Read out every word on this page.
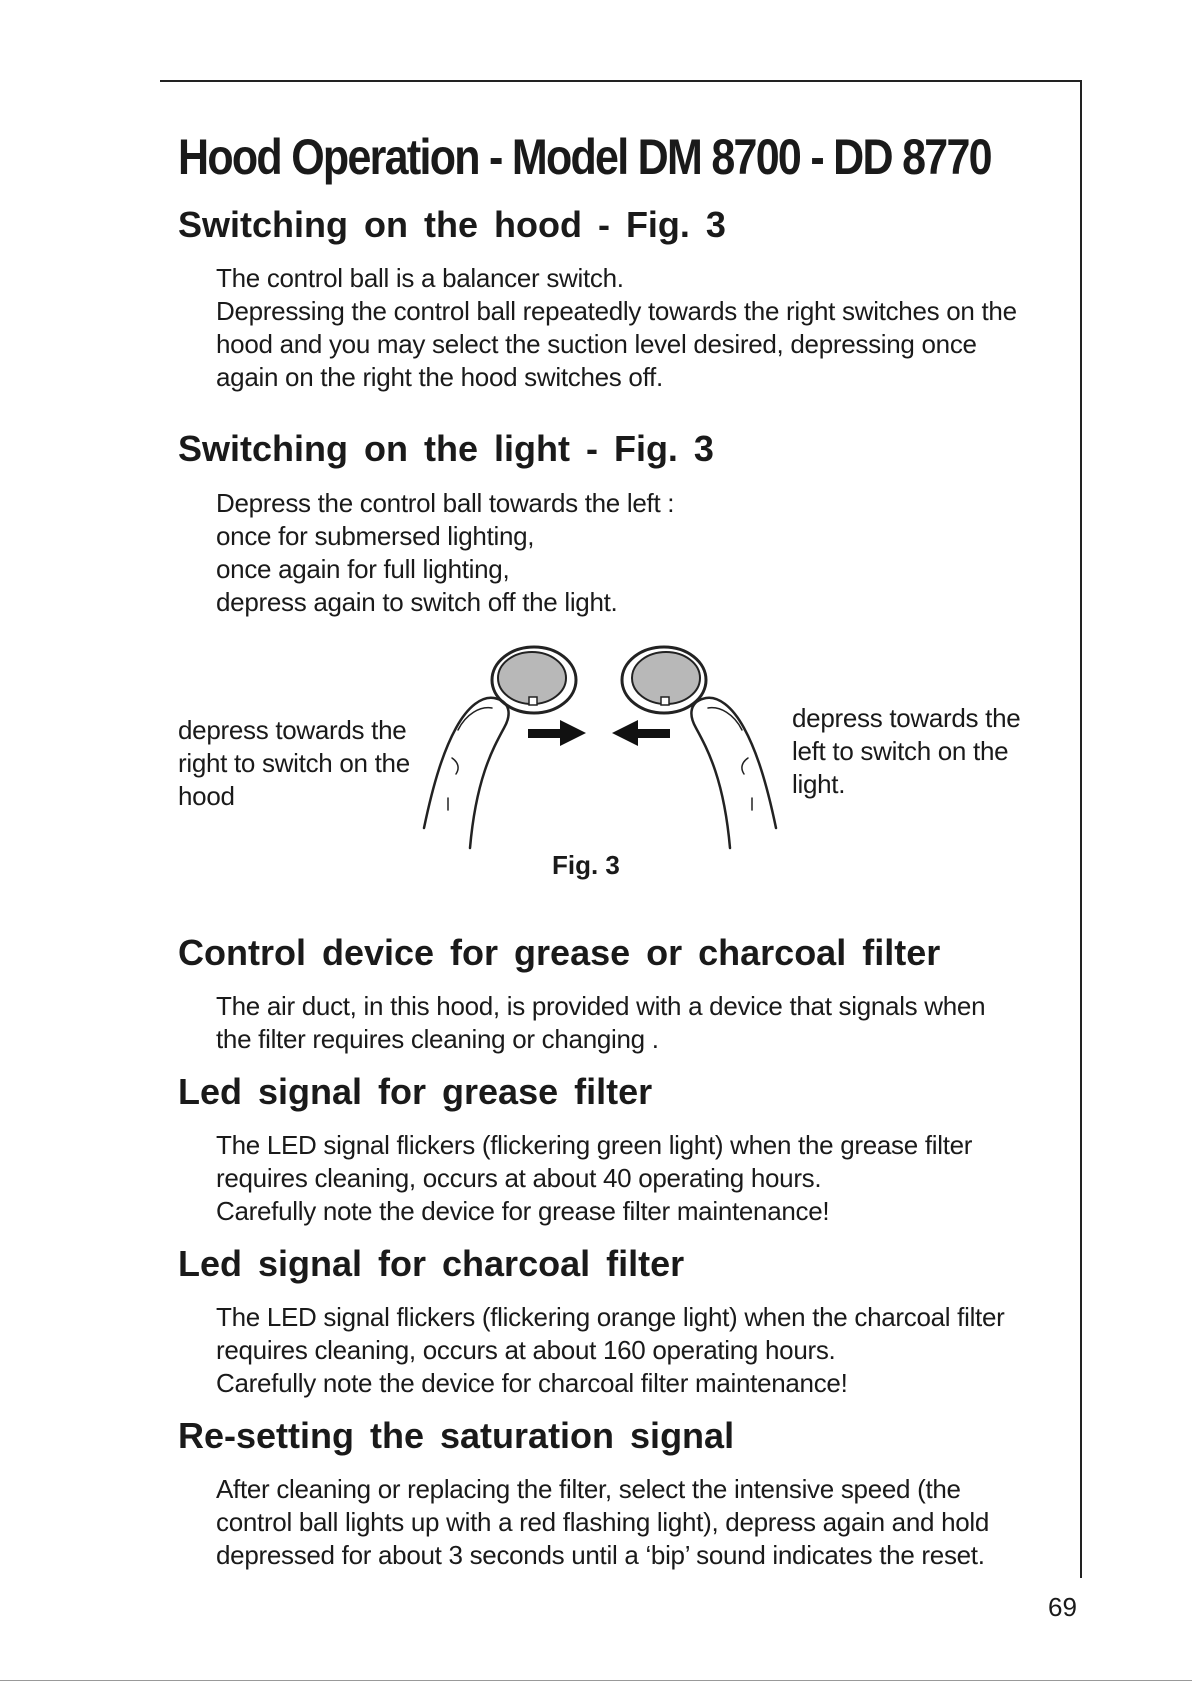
Hood Operation - Model DM 8700 - DD 8770
Switching on the hood - Fig. 3
The control ball is a balancer switch.
Depressing the control ball repeatedly towards the right switches on the
hood and you may select the suction level desired, depressing once
again on the right the hood switches off.
Switching on the light - Fig. 3
Depress the control ball towards the left :
once for submersed lighting,
once again for full lighting,
depress again to switch off the light.
depress towards the
right to switch on the
hood
depress towards the
left to switch on the
light.
Fig. 3
Control device for grease or charcoal filter
The air duct, in this hood, is provided with a device that signals when
the filter requires cleaning or changing .
Led signal for grease filter
The LED signal flickers (flickering green light) when the grease filter
requires cleaning, occurs at about 40 operating hours.
Carefully note the device for grease filter maintenance!
Led signal for charcoal filter
The LED signal flickers (flickering orange light) when the charcoal filter
requires cleaning, occurs at about 160 operating hours.
Carefully note the device for charcoal filter maintenance!
Re-setting the saturation signal
After cleaning or replacing the filter, select the intensive speed (the
control ball lights up with a red flashing light), depress again and hold
depressed for about 3 seconds until a ‘bip’ sound indicates the reset.
69
